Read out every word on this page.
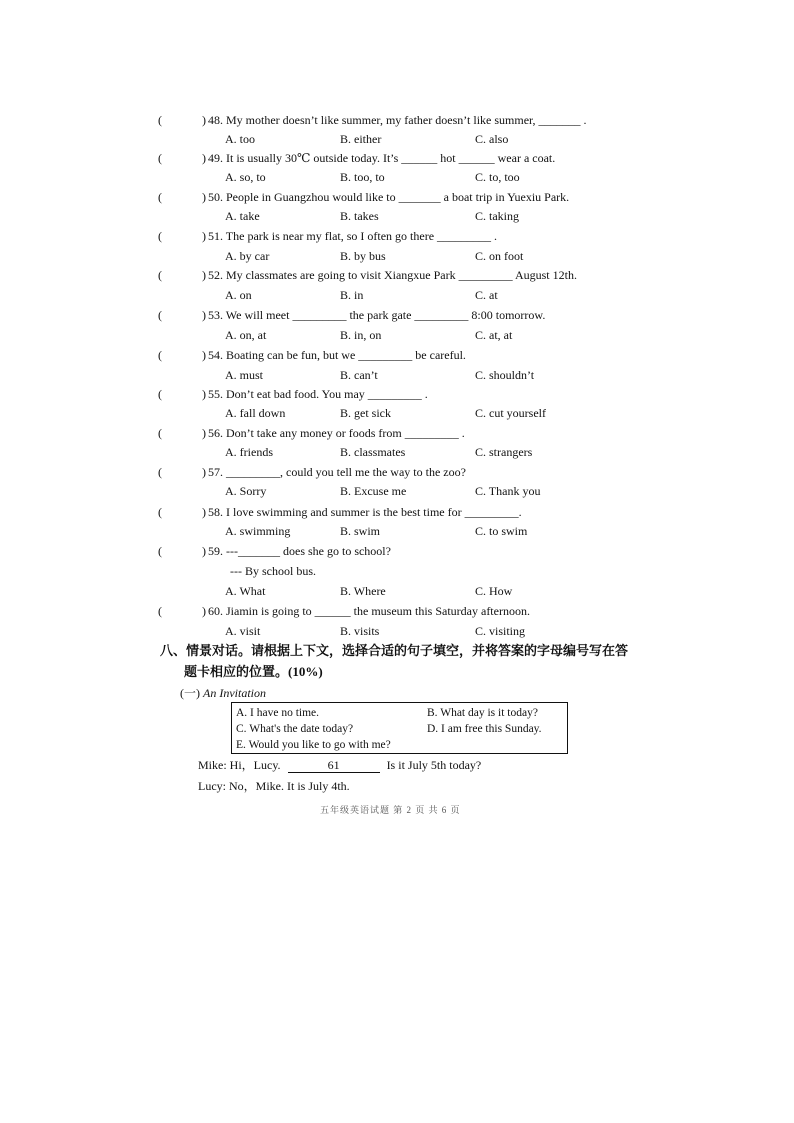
(	) 48. My mother doesn’t like summer, my father doesn’t like summer, _______ .
A. too	B. either	C. also
(	) 49. It is usually 30℃ outside today. It’s ______ hot ______ wear a coat.
A. so, to	B. too, to	C. to, too
(	) 50. People in Guangzhou would like to _______ a boat trip in Yuexiu Park.
A. take	B. takes	C. taking
(	) 51. The park is near my flat, so I often go there _________ .
A. by car	B. by bus	C. on foot
(	) 52. My classmates are going to visit Xiangxue Park _________ August 12th.
A. on	B. in	C. at
(	) 53. We will meet _________ the park gate _________ 8:00 tomorrow.
A. on, at	B. in, on	C. at, at
(	) 54. Boating can be fun, but we _________ be careful.
A. must	B. can’t	C. shouldn’t
(	) 55. Don’t eat bad food. You may _________ .
A. fall down	B. get sick	C. cut yourself
(	) 56. Don’t take any money or foods from _________ .
A. friends	B. classmates	C. strangers
(	) 57. _________, could you tell me the way to the zoo?
A. Sorry	B. Excuse me	C. Thank you
(	) 58. I love swimming and summer is the best time for _________.
A. swimming	B. swim	C. to swim
(	) 59. ---_______ does she go to school?
--- By school bus.
A. What	B. Where	C. How
(	) 60. Jiamin is going to ______ the museum this Saturday afternoon.
A. visit	B. visits	C. visiting
八、情景对话。请根据上下文，选择合适的句子填空，并将答案的字母编号写在答
题卡相应的位置。(10%)
(一) An Invitation
A. I have no time.	B. What day is it today?
C. What's the date today?	D. I am free this Sunday.
E. Would you like to go with me?
Mike: Hi，Lucy.	61	Is it July 5th today?
Lucy: No，Mike. It is July 4th.
五年级英语试题 第 2 页 共 6 页
